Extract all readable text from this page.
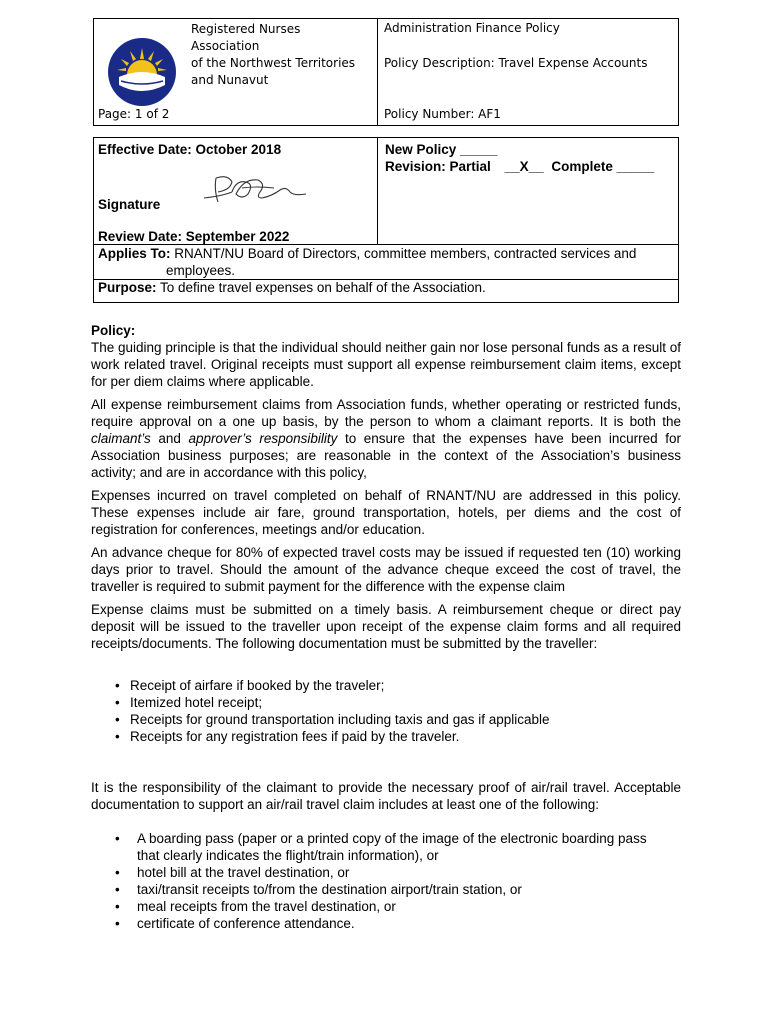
Registered Nurses Association
of the Northwest Territories
and Nunavut
Page: 1 of 2
Administration Finance Policy
Policy Description: Travel Expense Accounts
Policy Number: AF1
Effective Date: October 2018	New Policy _____
Revision: Partial __X__ Complete _____
Signature
Review Date: September 2022
Applies To: RNANT/NU Board of Directors, committee members, contracted services and
employees.
Purpose: To define travel expenses on behalf of the Association.

Policy:

The guiding principle is that the individual should neither gain nor lose personal funds as a result of work related travel. Original receipts must support all expense reimbursement claim items, except for per diem claims where applicable.

All expense reimbursement claims from Association funds, whether operating or restricted funds, require approval on a one up basis, by the person to whom a claimant reports. It is both the claimant’s and approver’s responsibility to ensure that the expenses have been incurred for Association business purposes; are reasonable in the context of the Association’s business activity; and are in accordance with this policy,

Expenses incurred on travel completed on behalf of RNANT/NU are addressed in this policy. These expenses include air fare, ground transportation, hotels, per diems and the cost of registration for conferences, meetings and/or education.

An advance cheque for 80% of expected travel costs may be issued if requested ten (10) working days prior to travel. Should the amount of the advance cheque exceed the cost of travel, the traveller is required to submit payment for the difference with the expense claim

Expense claims must be submitted on a timely basis. A reimbursement cheque or direct pay deposit will be issued to the traveller upon receipt of the expense claim forms and all required receipts/documents. The following documentation must be submitted by the traveller:

• Receipt of airfare if booked by the traveler;
• Itemized hotel receipt;
• Receipts for ground transportation including taxis and gas if applicable
• Receipts for any registration fees if paid by the traveler.

It is the responsibility of the claimant to provide the necessary proof of air/rail travel. Acceptable documentation to support an air/rail travel claim includes at least one of the following:

• A boarding pass (paper or a printed copy of the image of the electronic boarding pass
that clearly indicates the flight/train information), or
• hotel bill at the travel destination, or
• taxi/transit receipts to/from the destination airport/train station, or
• meal receipts from the travel destination, or
• certificate of conference attendance.
